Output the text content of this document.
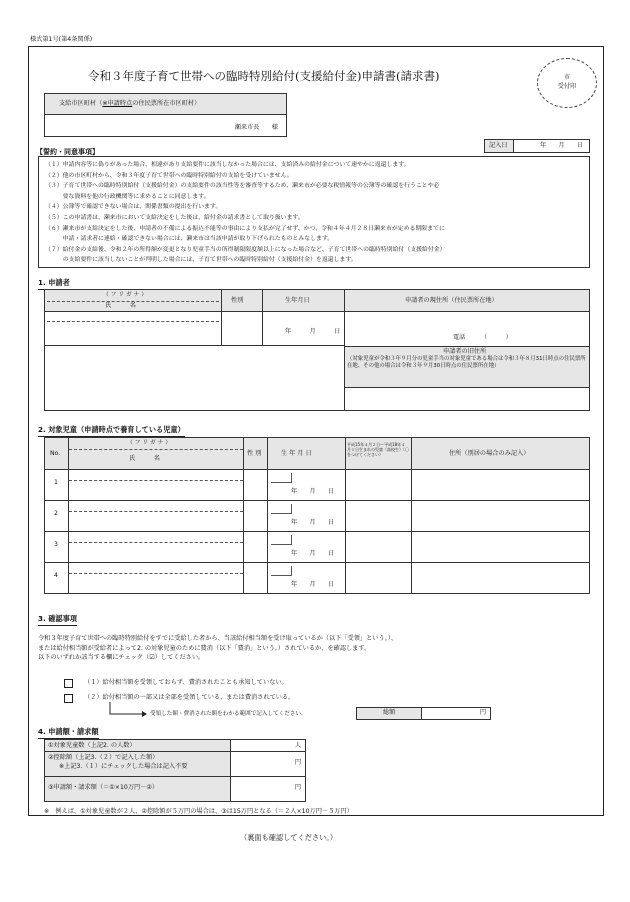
様式第1号(第4条関係)
令和３年度子育て世帯への臨時特別給付(支援給付金)申請書(請求書)	市
受付印
支給市区町村（※申請時点の住民票所在市区町村）
瀬来市長　　様
記入日	年　月　日
【誓約・同意事項】
（１）申請内容等に偽りがあった場合、相違があり支給要件に該当しなかった場合には、支給済みの給付金について速やかに返還します。
（２）他の市区町村から、令和３年度子育て世帯への臨時特別給付の支給を受けていません。
（３）子育て世帯への臨時特別給付（支援給付金）の支給要件の該当性等を審査等するため、瀬来市が必要な税情報等の公簿等の確認を行うことや必
　　　要な資料を他の行政機関等に求めることに同意します。
（４）公簿等で確認できない場合は、関係書類の提出を行います。
（５）この申請書は、瀬来市において支給決定をした後は、給付金の請求書として取り扱います。
（６）瀬来市が支給決定をした後、申請者の不備による振込不能等の事由により支払が完了せず、かつ、令和４年４月２８日瀬来市が定める期限までに
　　　申請・請求者に連絡・確認できない場合には、瀬来市は当該申請が取り下げられたものとみなします。
（７）給付金の支給後、令和２年の所得額が変更となり児童手当の所得制限限度額以上になった場合など、子育て世帯への臨時特別給付（支援給付金）
　　　の支給要件に該当しないことが判明した場合には、子育て世帯への臨時特別給付（支援給付金）を返還します。
1. 申請者
（ フ リ ガ ナ ）
氏　　　名
性別	生年月日	申請者の現住所（住民票所在地）
年　　月　　日
電話　　　（　　　）
申請者の旧住所
（対象児童が令和３年９月分の児童手当の対象児童である場合は令和３年８月31日時点の住民票所在地、その他の場合は令和３年９月30日時点の住民票所在地）
2. 対象児童（申請時点で養育している児童）
No.
（ フ リ ガ ナ ）
氏　　　名
性 別	生 年 月 日
平成15年４月２日～平成18年４月１日生まれの児童（高校生）（〇をつけてください）	住所（別居の場合のみ記入）
1
年　月　日
2
年　月　日
3
年　月　日
4
年　月　日
3. 確認事項
令和３年度子育て世帯への臨時特別給付をすでに受給した者から、当該給付相当額を受け取っているか（以下「受領」という。）、
または給付相当額が受給者によって2. の対象児童のために費消（以下「費消」という。）されているか、を確認します。
以下のいずれか該当する欄にチェック（☑）してください。
（１）給付相当額を受領しておらず、費消されたことも承知していない。
（２）給付相当額の一部又は全部を受領している、または費消されている。
受領した額・費消された額をわかる範囲で記入してください。	総額	円
4. 申請額・請求額
①対象児童数（上記2. の人数）	人
②控除額（上記3.（２）で記入した額）
※上記3.（１）にチェックした場合は記入不要
円
③申請額・請求額（＝①×10万円－②）	円
※　例えば、①対象児童数が２人、②控除額が５万円の場合は、③は15万円となる（＝２人×10万円－５万円）
（裏面も確認してください。）
